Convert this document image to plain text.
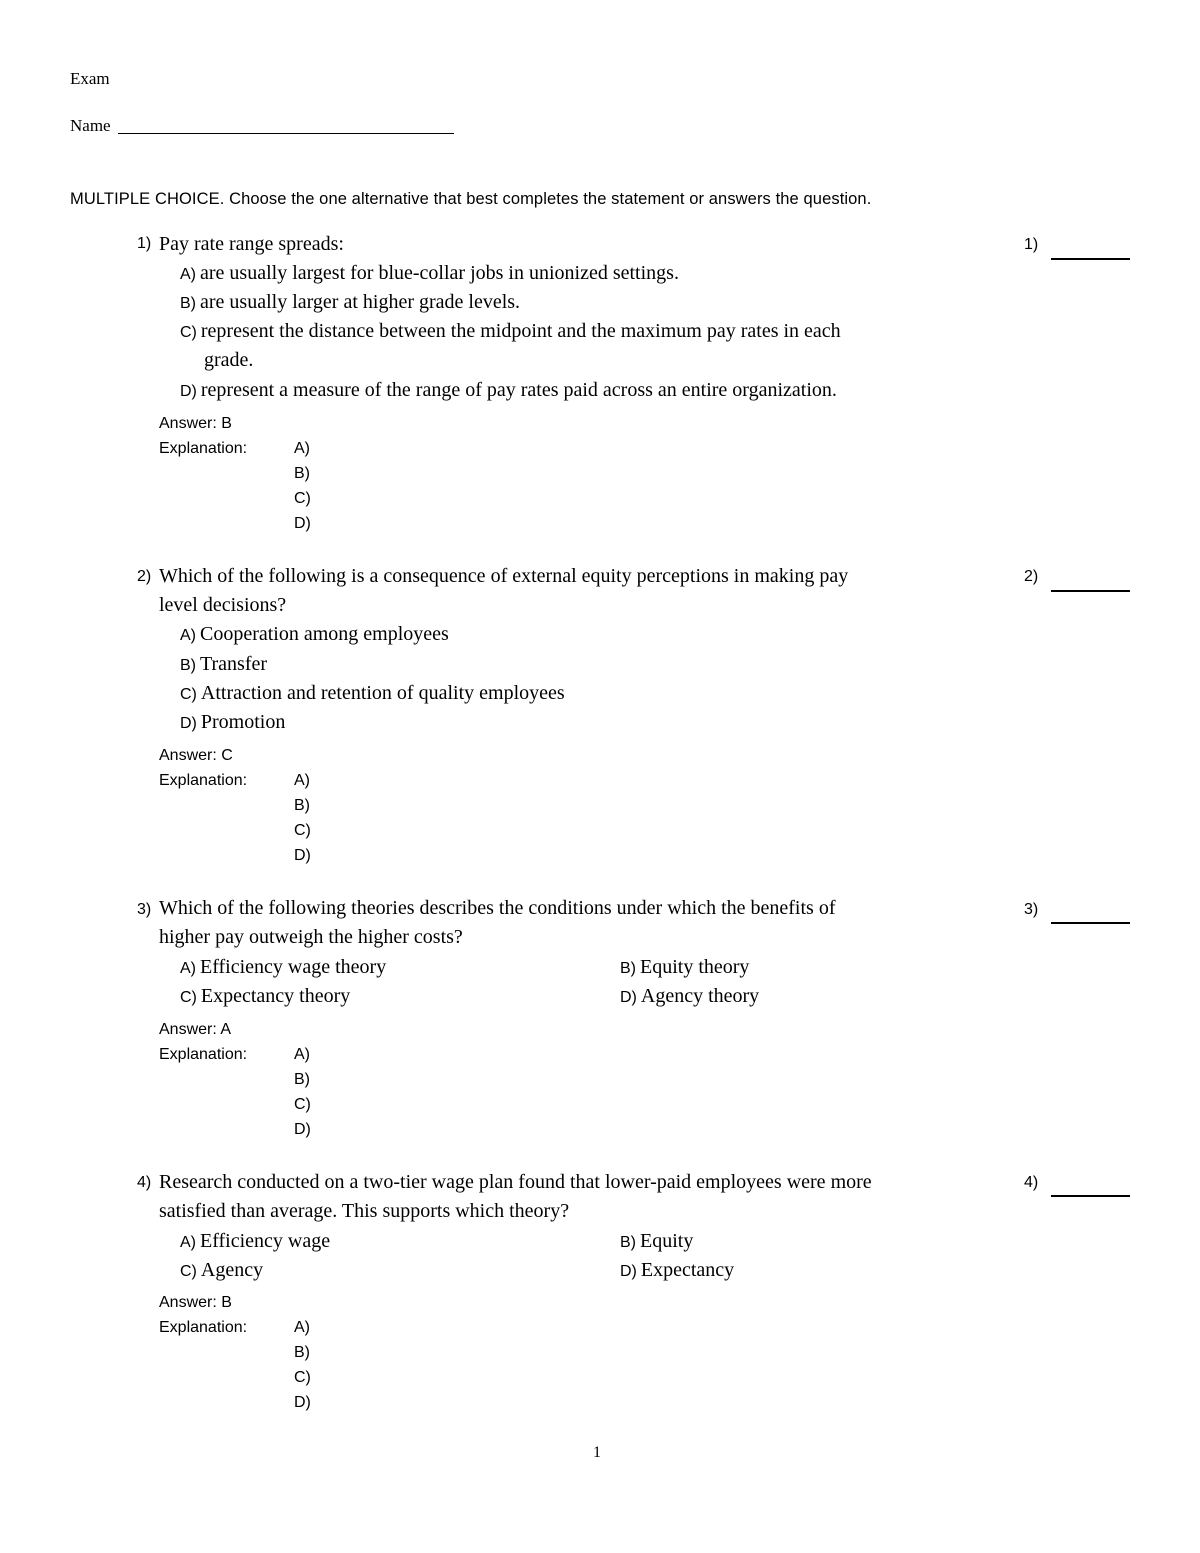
Exam
Name
MULTIPLE CHOICE. Choose the one alternative that best completes the statement or answers the question.
1) Pay rate range spreads:	1)
A) are usually largest for blue-collar jobs in unionized settings.
B) are usually larger at higher grade levels.
C) represent the distance between the midpoint and the maximum pay rates in each
grade.
D) represent a measure of the range of pay rates paid across an entire organization.
Answer: B
Explanation:	A)
B)
C)
D)
2) Which of the following is a consequence of external equity perceptions in making pay
level decisions?
2)
A) Cooperation among employees
B) Transfer
C) Attraction and retention of quality employees
D) Promotion
Answer: C
Explanation:	A)
B)
C)
D)
3) Which of the following theories describes the conditions under which the benefits of
higher pay outweigh the higher costs?
3)
A) Efficiency wage theory	B) Equity theory
C) Expectancy theory	D) Agency theory
Answer: A
Explanation:	A)
B)
C)
D)
4) Research conducted on a two-tier wage plan found that lower-paid employees were more
satisfied than average. This supports which theory?
4)
A) Efficiency wage	B) Equity
C) Agency	D) Expectancy
Answer: B
Explanation:	A)
B)
C)
D)
1
